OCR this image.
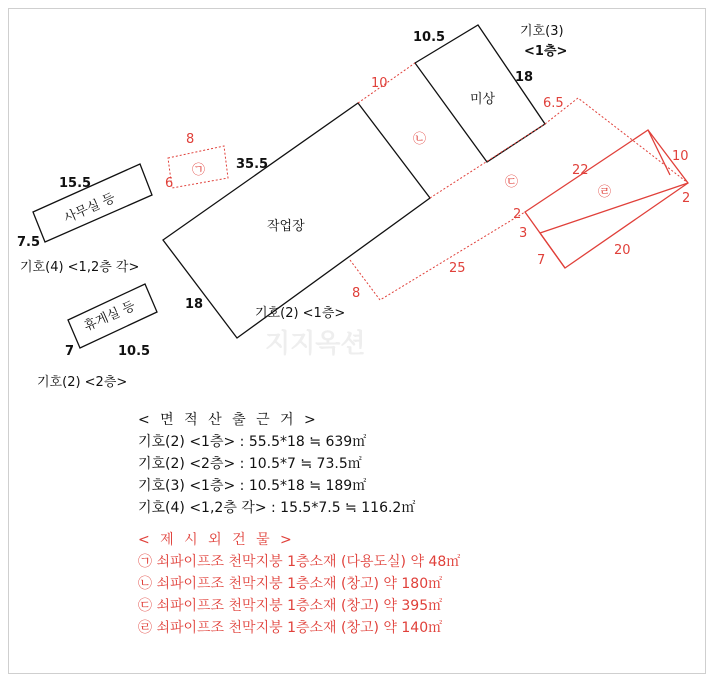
지지옥션
작업장
미상
사무실 등
휴게실 등
㉠
㉡
㉢
㉣
10.5
18
10
6.5
8
6
35.5
15.5
7.5
18
7	10.5
22
10
2
2
3
7
20
25
8
기호(3)
<1층>
기호(4) <1,2층 각>
기호(2) <1층>
기호(2) <2층>
< 면 적 산 출 근 거 >
기호(2) <1층> : 55.5*18 ≒ 639㎡
기호(2) <2층> : 10.5*7 ≒ 73.5㎡
기호(3) <1층> : 10.5*18 ≒ 189㎡
기호(4) <1,2층 각> : 15.5*7.5 ≒ 116.2㎡
< 제 시 외 건 물 >
㉠ 쇠파이프조 천막지붕 1층소재 (다용도실) 약 48㎡
㉡ 쇠파이프조 천막지붕 1층소재 (창고) 약 180㎡
㉢ 쇠파이프조 천막지붕 1층소재 (창고) 약 395㎡
㉣ 쇠파이프조 천막지붕 1층소재 (창고) 약 140㎡
